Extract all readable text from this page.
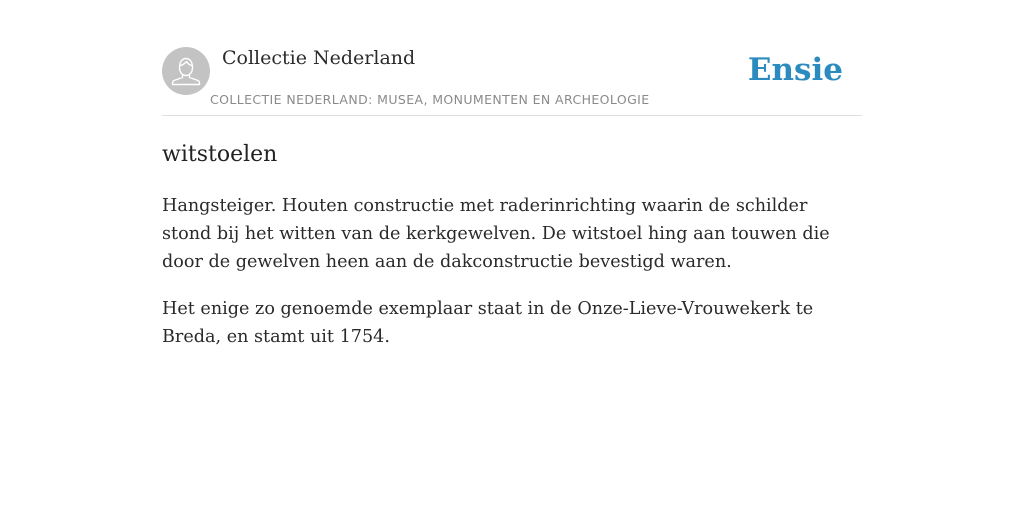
Collectie Nederland
COLLECTIE NEDERLAND: MUSEA, MONUMENTEN EN ARCHEOLOGIE
Ensie
witstoelen

Hangsteiger. Houten constructie met raderinrichting waarin de schilder stond bij het witten van de kerkgewelven. De witstoel hing aan touwen die door de gewelven heen aan de dakconstructie bevestigd waren.

Het enige zo genoemde exemplaar staat in de Onze-Lieve-Vrouwekerk te Breda, en stamt uit 1754.
